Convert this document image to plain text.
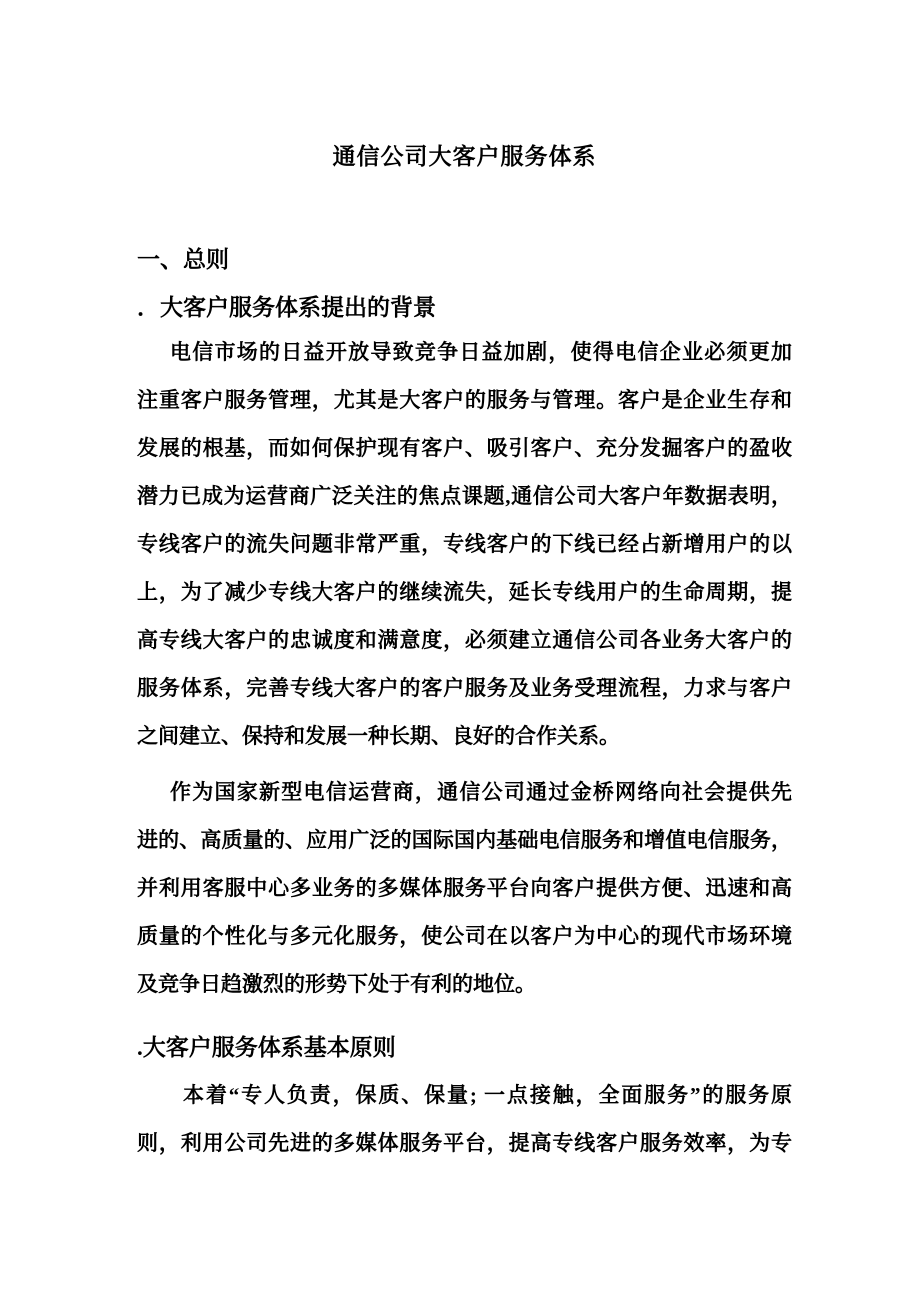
通信公司大客户服务体系
一、总则
．大客户服务体系提出的背景
电信市场的日益开放导致竞争日益加剧，使得电信企业必须更加
注重客户服务管理，尤其是大客户的服务与管理。客户是企业生存和
发展的根基，而如何保护现有客户、吸引客户、充分发掘客户的盈收
潜力已成为运营商广泛关注的焦点课题,通信公司大客户年数据表明，
专线客户的流失问题非常严重，专线客户的下线已经占新增用户的以
上，为了减少专线大客户的继续流失，延长专线用户的生命周期，提
高专线大客户的忠诚度和满意度，必须建立通信公司各业务大客户的
服务体系，完善专线大客户的客户服务及业务受理流程，力求与客户
之间建立、保持和发展一种长期、良好的合作关系。
作为国家新型电信运营商，通信公司通过金桥网络向社会提供先
进的、高质量的、应用广泛的国际国内基础电信服务和增值电信服务，
并利用客服中心多业务的多媒体服务平台向客户提供方便、迅速和高
质量的个性化与多元化服务，使公司在以客户为中心的现代市场环境
及竞争日趋激烈的形势下处于有利的地位。
.大客户服务体系基本原则
本着“专人负责，保质、保量; 一点接触，全面服务”的服务原
则，利用公司先进的多媒体服务平台，提高专线客户服务效率，为专
